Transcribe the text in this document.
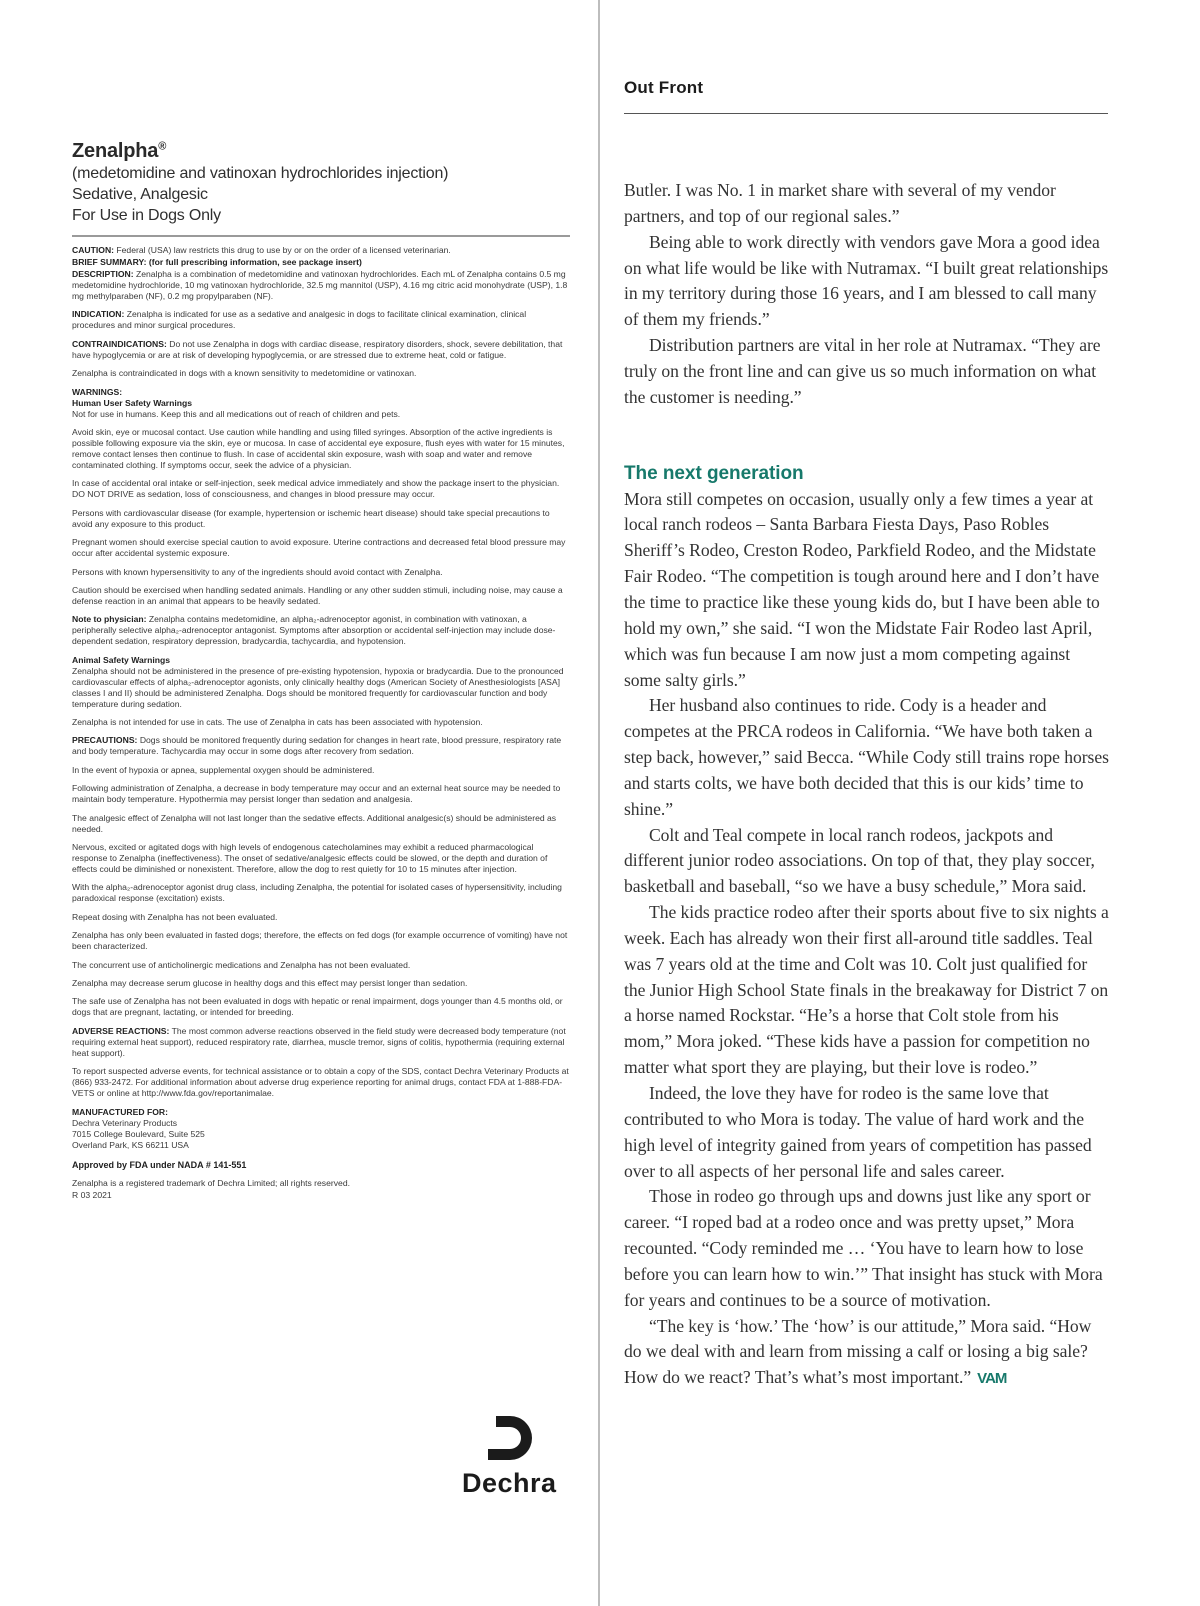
Zenalpha®
(medetomidine and vatinoxan hydrochlorides injection)
Sedative, Analgesic
For Use in Dogs Only

CAUTION: Federal (USA) law restricts this drug to use by or on the order of a licensed veterinarian.

BRIEF SUMMARY: (for full prescribing information, see package insert)

DESCRIPTION: Zenalpha is a combination of medetomidine and vatinoxan hydrochlorides. Each mL of Zenalpha contains 0.5 mg medetomidine hydrochloride, 10 mg vatinoxan hydrochloride, 32.5 mg mannitol (USP), 4.16 mg citric acid monohydrate (USP), 1.8 mg methylparaben (NF), 0.2 mg propylparaben (NF).

INDICATION: Zenalpha is indicated for use as a sedative and analgesic in dogs to facilitate clinical examination, clinical procedures and minor surgical procedures.

CONTRAINDICATIONS: Do not use Zenalpha in dogs with cardiac disease, respiratory disorders, shock, severe debilitation, that have hypoglycemia or are at risk of developing hypoglycemia, or are stressed due to extreme heat, cold or fatigue.

Zenalpha is contraindicated in dogs with a known sensitivity to medetomidine or vatinoxan.

WARNINGS:

Human User Safety Warnings

Not for use in humans. Keep this and all medications out of reach of children and pets.

Avoid skin, eye or mucosal contact. Use caution while handling and using filled syringes. Absorption of the active ingredients is possible following exposure via the skin, eye or mucosa. In case of accidental eye exposure, flush eyes with water for 15 minutes, remove contact lenses then continue to flush. In case of accidental skin exposure, wash with soap and water and remove contaminated clothing. If symptoms occur, seek the advice of a physician.

In case of accidental oral intake or self-injection, seek medical advice immediately and show the package insert to the physician. DO NOT DRIVE as sedation, loss of consciousness, and changes in blood pressure may occur.

Persons with cardiovascular disease (for example, hypertension or ischemic heart disease) should take special precautions to avoid any exposure to this product.

Pregnant women should exercise special caution to avoid exposure. Uterine contractions and decreased fetal blood pressure may occur after accidental systemic exposure.

Persons with known hypersensitivity to any of the ingredients should avoid contact with Zenalpha.

Caution should be exercised when handling sedated animals. Handling or any other sudden stimuli, including noise, may cause a defense reaction in an animal that appears to be heavily sedated.

Note to physician: Zenalpha contains medetomidine, an alpha₂-adrenoceptor agonist, in combination with vatinoxan, a peripherally selective alpha₂-adrenoceptor antagonist. Symptoms after absorption or accidental self-injection may include dose-dependent sedation, respiratory depression, bradycardia, tachycardia, and hypotension.

Animal Safety Warnings

Zenalpha should not be administered in the presence of pre-existing hypotension, hypoxia or bradycardia. Due to the pronounced cardiovascular effects of alpha₂-adrenoceptor agonists, only clinically healthy dogs (American Society of Anesthesiologists [ASA] classes I and II) should be administered Zenalpha. Dogs should be monitored frequently for cardiovascular function and body temperature during sedation.

Zenalpha is not intended for use in cats. The use of Zenalpha in cats has been associated with hypotension.

PRECAUTIONS: Dogs should be monitored frequently during sedation for changes in heart rate, blood pressure, respiratory rate and body temperature. Tachycardia may occur in some dogs after recovery from sedation.

In the event of hypoxia or apnea, supplemental oxygen should be administered.

Following administration of Zenalpha, a decrease in body temperature may occur and an external heat source may be needed to maintain body temperature. Hypothermia may persist longer than sedation and analgesia.

The analgesic effect of Zenalpha will not last longer than the sedative effects. Additional analgesic(s) should be administered as needed.

Nervous, excited or agitated dogs with high levels of endogenous catecholamines may exhibit a reduced pharmacological response to Zenalpha (ineffectiveness). The onset of sedative/analgesic effects could be slowed, or the depth and duration of effects could be diminished or nonexistent. Therefore, allow the dog to rest quietly for 10 to 15 minutes after injection.

With the alpha₂-adrenoceptor agonist drug class, including Zenalpha, the potential for isolated cases of hypersensitivity, including paradoxical response (excitation) exists.

Repeat dosing with Zenalpha has not been evaluated.

Zenalpha has only been evaluated in fasted dogs; therefore, the effects on fed dogs (for example occurrence of vomiting) have not been characterized.

The concurrent use of anticholinergic medications and Zenalpha has not been evaluated.

Zenalpha may decrease serum glucose in healthy dogs and this effect may persist longer than sedation.

The safe use of Zenalpha has not been evaluated in dogs with hepatic or renal impairment, dogs younger than 4.5 months old, or dogs that are pregnant, lactating, or intended for breeding.

ADVERSE REACTIONS: The most common adverse reactions observed in the field study were decreased body temperature (not requiring external heat support), reduced respiratory rate, diarrhea, muscle tremor, signs of colitis, hypothermia (requiring external heat support).

To report suspected adverse events, for technical assistance or to obtain a copy of the SDS, contact Dechra Veterinary Products at (866) 933-2472. For additional information about adverse drug experience reporting for animal drugs, contact FDA at 1-888-FDA-VETS or online at http://www.fda.gov/reportanimalae.

MANUFACTURED FOR:
Dechra Veterinary Products
7015 College Boulevard, Suite 525
Overland Park, KS 66211 USA

Approved by FDA under NADA # 141-551

Zenalpha is a registered trademark of Dechra Limited; all rights reserved.

R 03 2021

Dechra
Out Front

Butler. I was No. 1 in market share with several of my vendor partners, and top of our regional sales.”

Being able to work directly with vendors gave Mora a good idea on what life would be like with Nutramax. “I built great relationships in my territory during those 16 years, and I am blessed to call many of them my friends.”

Distribution partners are vital in her role at Nutramax. “They are truly on the front line and can give us so much information on what the customer is needing.”

The next generation

Mora still competes on occasion, usually only a few times a year at local ranch rodeos – Santa Barbara Fiesta Days, Paso Robles Sheriff’s Rodeo, Creston Rodeo, Parkfield Rodeo, and the Midstate Fair Rodeo. “The competition is tough around here and I don’t have the time to practice like these young kids do, but I have been able to hold my own,” she said. “I won the Midstate Fair Rodeo last April, which was fun because I am now just a mom competing against some salty girls.”

Her husband also continues to ride. Cody is a header and competes at the PRCA rodeos in California. “We have both taken a step back, however,” said Becca. “While Cody still trains rope horses and starts colts, we have both decided that this is our kids’ time to shine.”

Colt and Teal compete in local ranch rodeos, jackpots and different junior rodeo associations. On top of that, they play soccer, basketball and baseball, “so we have a busy schedule,” Mora said.

The kids practice rodeo after their sports about five to six nights a week. Each has already won their first all-around title saddles. Teal was 7 years old at the time and Colt was 10. Colt just qualified for the Junior High School State finals in the breakaway for District 7 on a horse named Rockstar. “He’s a horse that Colt stole from his mom,” Mora joked. “These kids have a passion for competition no matter what sport they are playing, but their love is rodeo.”

Indeed, the love they have for rodeo is the same love that contributed to who Mora is today. The value of hard work and the high level of integrity gained from years of competition has passed over to all aspects of her personal life and sales career.

Those in rodeo go through ups and downs just like any sport or career. “I roped bad at a rodeo once and was pretty upset,” Mora recounted. “Cody reminded me … ‘You have to learn how to lose before you can learn how to win.’” That insight has stuck with Mora for years and continues to be a source of motivation.

“The key is ‘how.’ The ‘how’ is our attitude,” Mora said. “How do we deal with and learn from missing a calf or losing a big sale? How do we react? That’s what’s most important.” VAM
